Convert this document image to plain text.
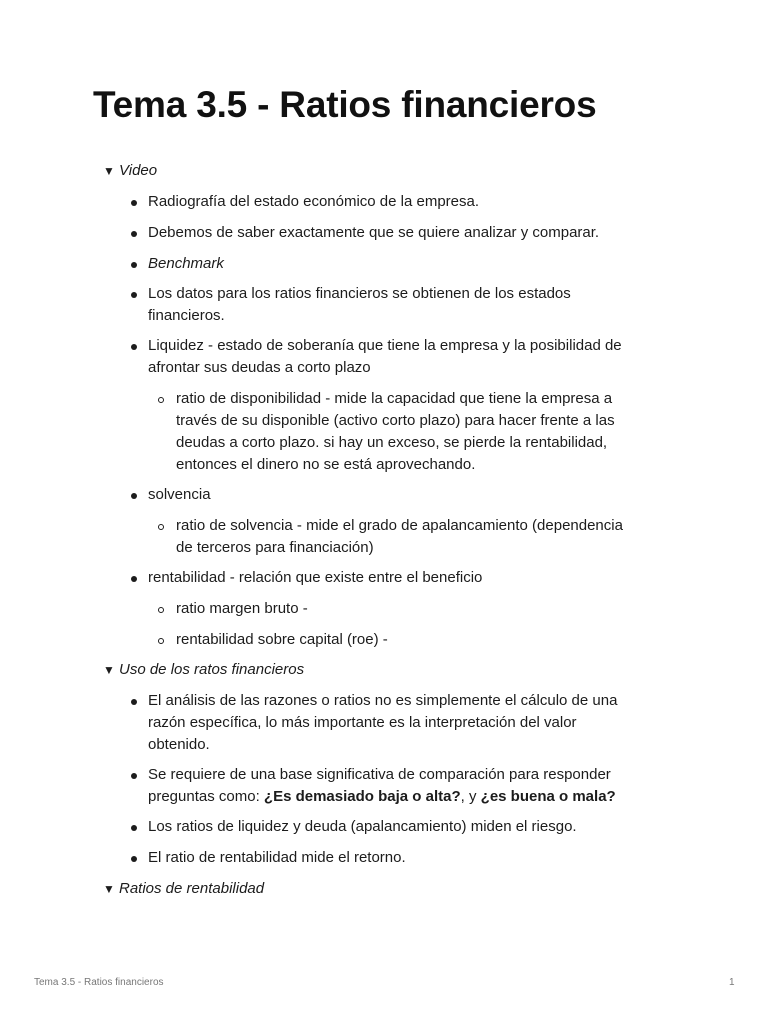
Tema 3.5 - Ratios financieros
▼ Video
Radiografía del estado económico de la empresa.
Debemos de saber exactamente que se quiere analizar y comparar.
Benchmark
Los datos para los ratios financieros se obtienen de los estados
financieros.
Liquidez - estado de soberanía que tiene la empresa y la posibilidad de
afrontar sus deudas a corto plazo
ratio de disponibilidad - mide la capacidad que tiene la empresa a
través de su disponible (activo corto plazo) para hacer frente a las
deudas a corto plazo. si hay un exceso, se pierde la rentabilidad,
entonces el dinero no se está aprovechando.
solvencia
ratio de solvencia - mide el grado de apalancamiento (dependencia
de terceros para financiación)
rentabilidad - relación que existe entre el beneficio
ratio margen bruto -
rentabilidad sobre capital (roe) -
▼ Uso de los ratos financieros
El análisis de las razones o ratios no es simplemente el cálculo de una
razón específica, lo más importante es la interpretación del valor
obtenido.
Se requiere de una base significativa de comparación para responder
preguntas como: ¿Es demasiado baja o alta?, y ¿es buena o mala?
Los ratios de liquidez y deuda (apalancamiento) miden el riesgo.
El ratio de rentabilidad mide el retorno.
▼ Ratios de rentabilidad
Tema 3.5 - Ratios financieros	1
